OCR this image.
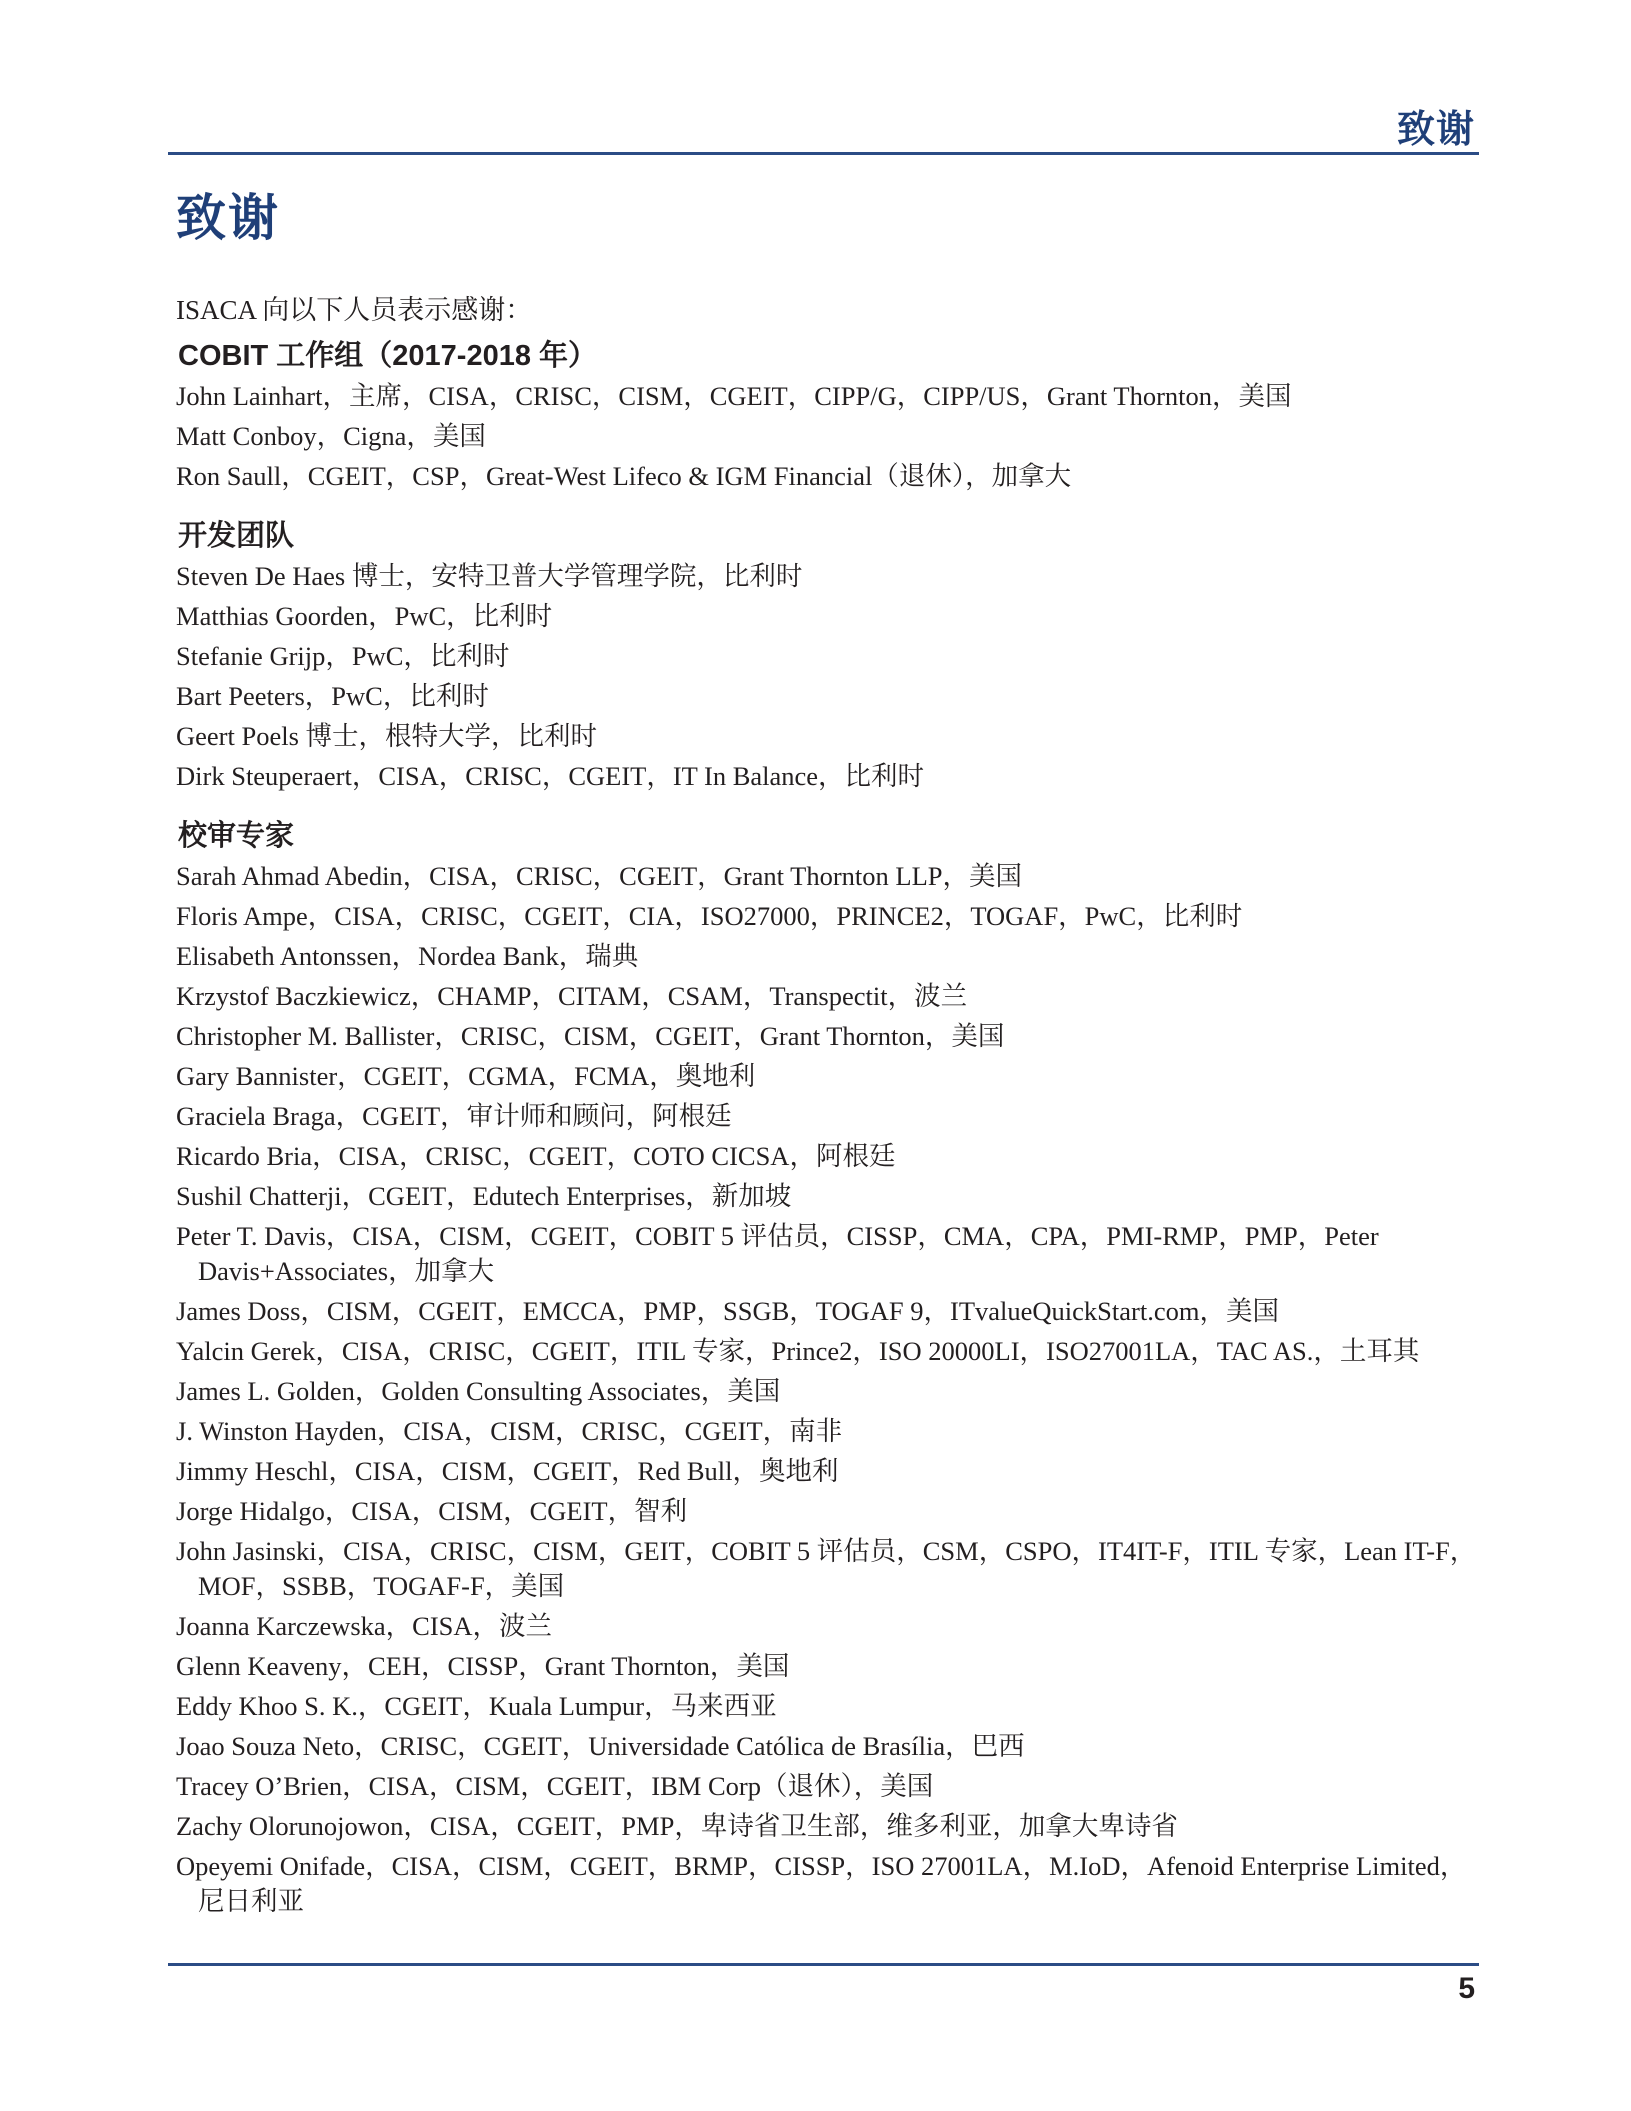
致谢
致谢

ISACA 向以下人员表示感谢：

COBIT 工作组（2017-2018 年）
John Lainhart，主席，CISA，CRISC，CISM，CGEIT，CIPP/G，CIPP/US，Grant Thornton，美国
Matt Conboy，Cigna，美国
Ron Saull，CGEIT，CSP，Great-West Lifeco & IGM Financial（退休），加拿大
开发团队
Steven De Haes 博士，安特卫普大学管理学院，比利时
Matthias Goorden，PwC，比利时
Stefanie Grijp，PwC，比利时
Bart Peeters，PwC，比利时
Geert Poels 博士，根特大学，比利时
Dirk Steuperaert，CISA，CRISC，CGEIT，IT In Balance，比利时
校审专家
Sarah Ahmad Abedin，CISA，CRISC，CGEIT，Grant Thornton LLP，美国
Floris Ampe，CISA，CRISC，CGEIT，CIA，ISO27000，PRINCE2，TOGAF，PwC，比利时
Elisabeth Antonssen，Nordea Bank，瑞典
Krzystof Baczkiewicz，CHAMP，CITAM，CSAM，Transpectit，波兰
Christopher M. Ballister，CRISC，CISM，CGEIT，Grant Thornton，美国
Gary Bannister，CGEIT，CGMA，FCMA，奥地利
Graciela Braga，CGEIT，审计师和顾问，阿根廷
Ricardo Bria，CISA，CRISC，CGEIT，COTO CICSA，阿根廷
Sushil Chatterji，CGEIT，Edutech Enterprises，新加坡
Peter T. Davis，CISA，CISM，CGEIT，COBIT 5 评估员，CISSP，CMA，CPA，PMI-RMP，PMP，Peter Davis+Associates，加拿大
James Doss，CISM，CGEIT，EMCCA，PMP，SSGB，TOGAF 9，ITvalueQuickStart.com，美国
Yalcin Gerek，CISA，CRISC，CGEIT，ITIL 专家，Prince2，ISO 20000LI，ISO27001LA，TAC AS.，土耳其
James L. Golden，Golden Consulting Associates，美国
J. Winston Hayden，CISA，CISM，CRISC，CGEIT，南非
Jimmy Heschl，CISA，CISM，CGEIT，Red Bull，奥地利
Jorge Hidalgo，CISA，CISM，CGEIT，智利
John Jasinski，CISA，CRISC，CISM，GEIT，COBIT 5 评估员，CSM，CSPO，IT4IT-F，ITIL 专家，Lean IT-F，MOF，SSBB，TOGAF-F，美国
Joanna Karczewska，CISA，波兰
Glenn Keaveny，CEH，CISSP，Grant Thornton，美国
Eddy Khoo S. K.，CGEIT，Kuala Lumpur，马来西亚
Joao Souza Neto，CRISC，CGEIT，Universidade Católica de Brasília，巴西
Tracey O’Brien，CISA，CISM，CGEIT，IBM Corp（退休），美国
Zachy Olorunojowon，CISA，CGEIT，PMP，卑诗省卫生部，维多利亚，加拿大卑诗省
Opeyemi Onifade，CISA，CISM，CGEIT，BRMP，CISSP，ISO 27001LA，M.IoD，Afenoid Enterprise Limited，尼日利亚
5
